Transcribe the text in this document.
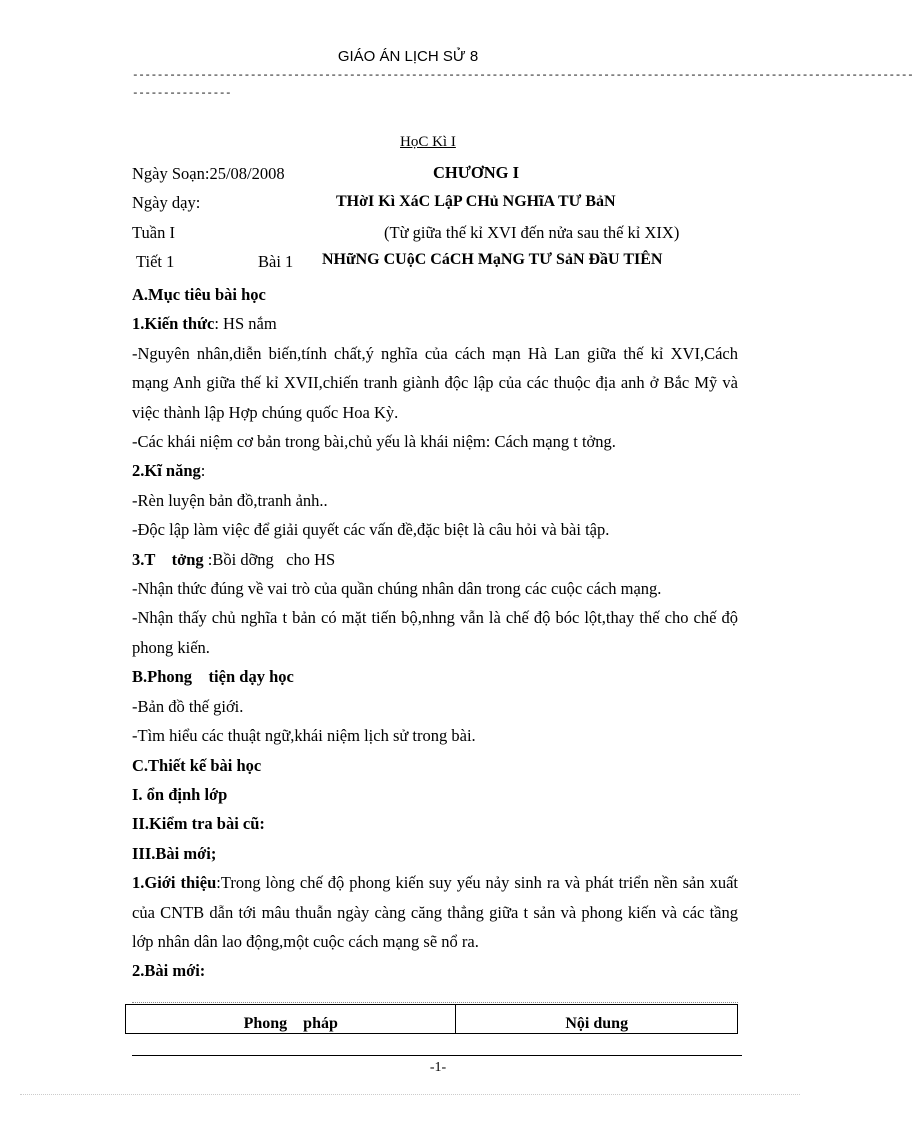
GIÁO ÁN LỊCH SỬ 8
------------------------------------------------------------------------------------------------------------------------------
----------------
HọC Kì I
Ngày Soạn:25/08/2008	CHƯƠNG I
Ngày dạy:	THờI Kì XáC LậP CHủ NGHĩA TƯ BảN
Tuần I	(Từ giữa thế kỉ XVI đến nửa sau thế kỉ XIX)
Tiết 1	Bài 1 NHữNG CUộC CáCH MạNG TƯ SảN ĐầU TIÊN

A.Mục tiêu bài học

1.Kiến thức: HS nắm

-Nguyên nhân,diễn biến,tính chất,ý nghĩa của cách mạn Hà Lan giữa thế kỉ XVI,Cách mạng Anh giữa thế kỉ XVII,chiến tranh giành độc lập của các thuộc địa anh ở Bắc Mỹ và việc thành lập Hợp chúng quốc Hoa Kỳ.

-Các khái niệm cơ bản trong bài,chủ yếu là khái niệm: Cách mạng t tởng.

2.Kĩ năng:

-Rèn luyện bản đồ,tranh ảnh..

-Độc lập làm việc để giải quyết các vấn đề,đặc biệt là câu hỏi và bài tập.

3.T    tởng :Bồi dỡng   cho HS

-Nhận thức đúng về vai trò của quần chúng nhân dân trong các cuộc cách mạng.

-Nhận thấy chủ nghĩa t bản có mặt tiến bộ,nhng vẫn là chế độ bóc lột,thay thế cho chế độ phong kiến.

B.Phong    tiện dạy học

-Bản đồ thế giới.

-Tìm hiểu các thuật ngữ,khái niệm lịch sử trong bài.

C.Thiết kế bài học

I. ổn định lớp

II.Kiểm tra bài cũ:

III.Bài mới;

1.Giới thiệu:Trong lòng chế độ phong kiến suy yếu nảy sinh ra và phát triển nền sản xuất của CNTB dẫn tới mâu thuẫn ngày càng căng thẳng giữa t sản và phong kiến và các tầng lớp nhân dân lao động,một cuộc cách mạng sẽ nổ ra.

2.Bài mới:

Phong    pháp	Nội dung
-1-
